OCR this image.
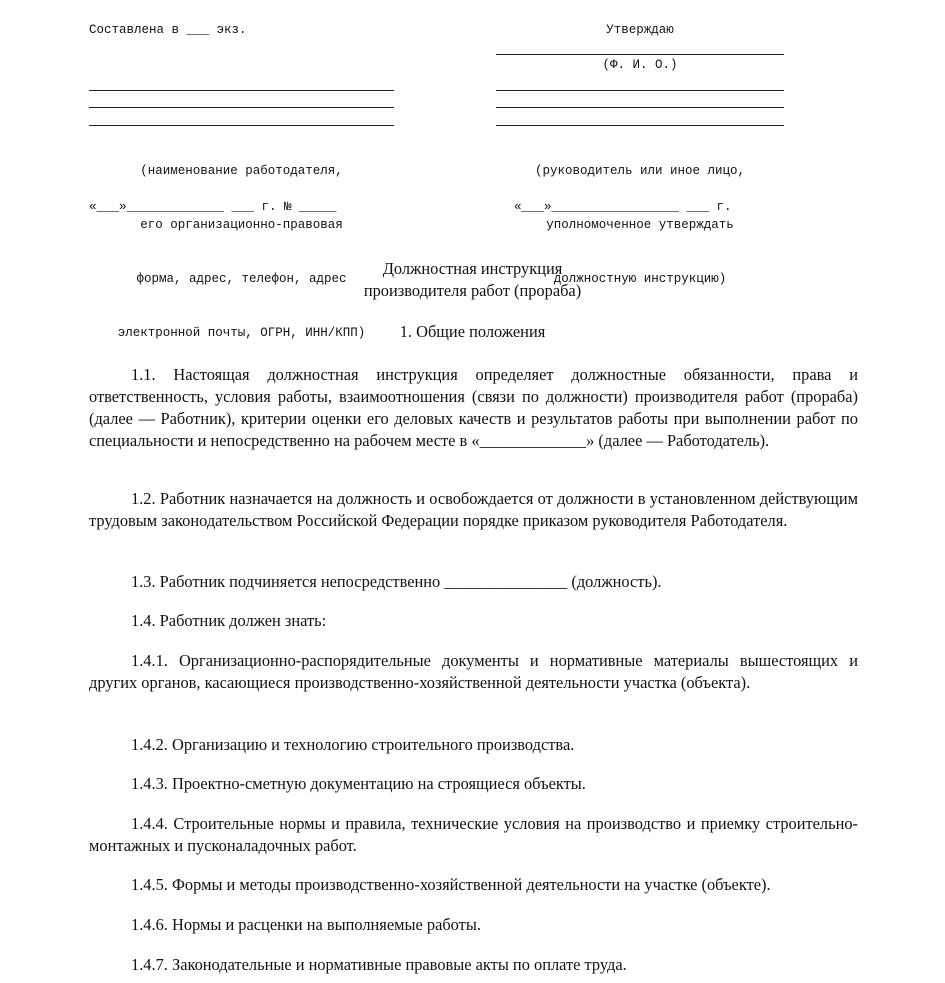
Составлена в ___ экз.

(наименование работодателя,

его организационно-правовая

форма, адрес, телефон, адрес

электронной почты, ОГРН, ИНН/КПП)

«___»_____________ ___ г. № _____
Утверждаю
(Ф. И. О.)

(руководитель или иное лицо,

уполномоченное утверждать

должностную инструкцию)

«___»_________________ ___ г.
Должностная инструкция
производителя работ (прораба)
1. Общие положения

1.1. Настоящая должностная инструкция определяет должностные обязанности, права и ответственность, условия работы, взаимоотношения (связи по должности) производителя работ (прораба) (далее — Работник), критерии оценки его деловых качеств и результатов работы при выполнении работ по специальности и непосредственно на рабочем месте в «_____________» (далее — Работодатель).

1.2. Работник назначается на должность и освобождается от должности в установленном действующим трудовым законодательством Российской Федерации порядке приказом руководителя Работодателя.

1.3. Работник подчиняется непосредственно _______________ (должность).

1.4. Работник должен знать:

1.4.1. Организационно-распорядительные документы и нормативные материалы вышестоящих и других органов, касающиеся производственно-хозяйственной деятельности участка (объекта).

1.4.2. Организацию и технологию строительного производства.

1.4.3. Проектно-сметную документацию на строящиеся объекты.

1.4.4. Строительные нормы и правила, технические условия на производство и приемку строительно-монтажных и пусконаладочных работ.

1.4.5. Формы и методы производственно-хозяйственной деятельности на участке (объекте).

1.4.6. Нормы и расценки на выполняемые работы.

1.4.7. Законодательные и нормативные правовые акты по оплате труда.
